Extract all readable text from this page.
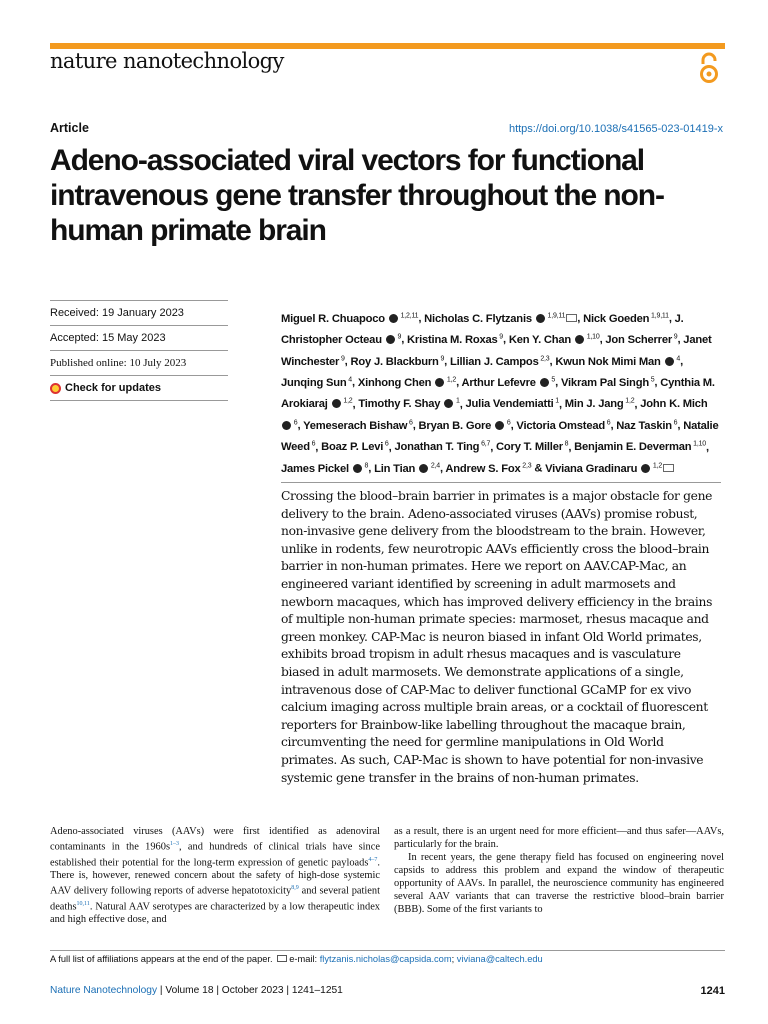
nature nanotechnology
Article	https://doi.org/10.1038/s41565-023-01419-x
Adeno-associated viral vectors for functional intravenous gene transfer throughout the non-human primate brain
Received: 19 January 2023
Accepted: 15 May 2023
Published online: 10 July 2023
Check for updates
Miguel R. Chuapoco  $^{1,2,11}$, Nicholas C. Flytzanis  $^{1,9,11}$ , Nick Goeden $^{1,9,11}$, J. Christopher Octeau  $^9$, Kristina M. Roxas $^9$, Ken Y. Chan  $^{1,10}$, Jon Scherrer $^9$, Janet Winchester $^9$, Roy J. Blackburn $^9$, Lillian J. Campos $^{2,3}$, Kwun Nok Mimi Man  $^4$, Junqing Sun $^4$, Xinhong Chen  $^{1,2}$, Arthur Lefevre  $^5$, Vikram Pal Singh $^5$, Cynthia M. Arokiaraj  $^{1,2}$, Timothy F. Shay  $^1$, Julia Vendemiatti $^1$, Min J. Jang $^{1,2}$, John K. Mich  $^6$, Yemeserach Bishaw $^6$, Bryan B. Gore  $^6$, Victoria Omstead $^6$, Naz Taskin $^6$, Natalie Weed $^6$, Boaz P. Levi $^6$, Jonathan T. Ting $^{6,7}$, Cory T. Miller $^8$, Benjamin E. Deverman $^{1,10}$, James Pickel  $^8$, Lin Tian  $^{2,4}$, Andrew S. Fox $^{2,3}$ & Viviana Gradinaru  $^{1,2}$

Crossing the blood–brain barrier in primates is a major obstacle for gene delivery to the brain. Adeno-associated viruses (AAVs) promise robust, non-invasive gene delivery from the bloodstream to the brain. However, unlike in rodents, few neurotropic AAVs efficiently cross the blood–brain barrier in non-human primates. Here we report on AAV.CAP-Mac, an engineered variant identified by screening in adult marmosets and newborn macaques, which has improved delivery efficiency in the brains of multiple non-human primate species: marmoset, rhesus macaque and green monkey. CAP-Mac is neuron biased in infant Old World primates, exhibits broad tropism in adult rhesus macaques and is vasculature biased in adult marmosets. We demonstrate applications of a single, intravenous dose of CAP-Mac to deliver functional GCaMP for ex vivo calcium imaging across multiple brain areas, or a cocktail of fluorescent reporters for Brainbow-like labelling throughout the macaque brain, circumventing the need for germline manipulations in Old World primates. As such, CAP-Mac is shown to have potential for non-invasive systemic gene transfer in the brains of non-human primates.

Adeno-associated viruses (AAVs) were first identified as adenoviral contaminants in the $1960s^{1-3}$, and hundreds of clinical trials have since established their potential for the long-term expression of genetic payloads$^{4-7}$. There is, however, renewed concern about the safety of high-dose systemic AAV delivery following reports of adverse hepatotoxicity$^{8,9}$ and several patient deaths$^{10,11}$. Natural AAV serotypes are characterized by a low therapeutic index and high effective dose, and
as a result, there is an urgent need for more efficient—and thus safer—AAVs, particularly for the brain.
In recent years, the gene therapy field has focused on engineering novel capsids to address this problem and expand the window of therapeutic opportunity of AAVs. In parallel, the neuroscience community has engineered several AAV variants that can traverse the restrictive blood–brain barrier (BBB). Some of the first variants to
A full list of affiliations appears at the end of the paper. e-mail: flytzanis.nicholas@capsida.com; viviana@caltech.edu
Nature Nanotechnology | Volume 18 | October 2023 | 1241–1251	1241
